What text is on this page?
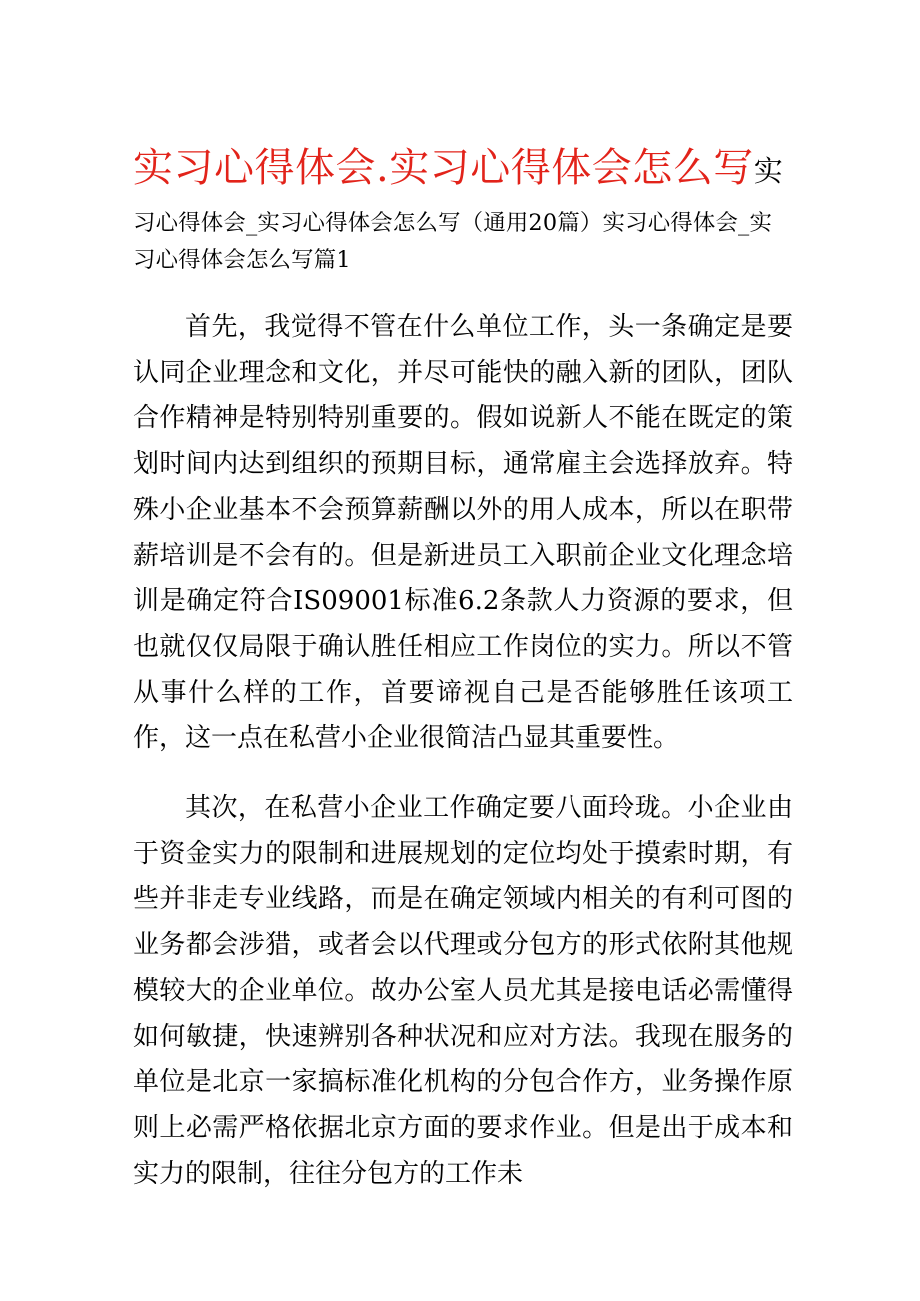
实习心得体会.实习心得体会怎么写实

习心得体会_实习心得体会怎么写（通用20篇）实习心得体会_实习心得体会怎么写篇1

首先，我觉得不管在什么单位工作，头一条确定是要认同企业理念和文化，并尽可能快的融入新的团队，团队合作精神是特别特别重要的。假如说新人不能在既定的策划时间内达到组织的预期目标，通常雇主会选择放弃。特殊小企业基本不会预算薪酬以外的用人成本，所以在职带薪培训是不会有的。但是新进员工入职前企业文化理念培训是确定符合IS09001标准6.2条款人力资源的要求，但也就仅仅局限于确认胜任相应工作岗位的实力。所以不管从事什么样的工作，首要谛视自己是否能够胜任该项工作，这一点在私营小企业很简洁凸显其重要性。

其次，在私营小企业工作确定要八面玲珑。小企业由于资金实力的限制和进展规划的定位均处于摸索时期，有些并非走专业线路，而是在确定领域内相关的有利可图的业务都会涉猎，或者会以代理或分包方的形式依附其他规模较大的企业单位。故办公室人员尤其是接电话必需懂得如何敏捷，快速辨别各种状况和应对方法。我现在服务的单位是北京一家搞标准化机构的分包合作方，业务操作原则上必需严格依据北京方面的要求作业。但是出于成本和实力的限制，往往分包方的工作未
